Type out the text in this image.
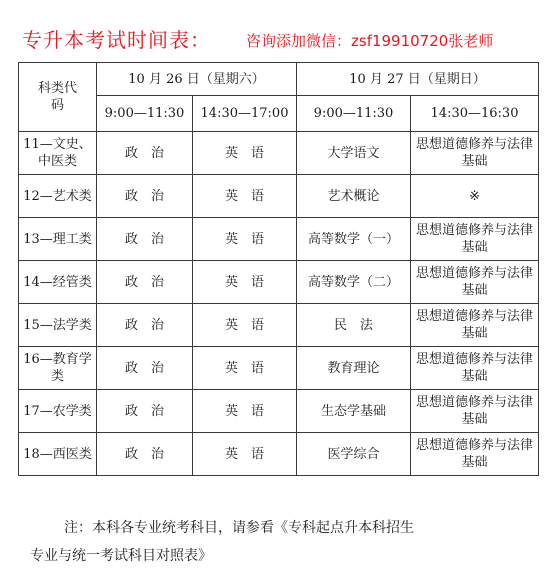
专升本考试时间表： 咨询添加微信：zsf19910720张老师
科类代码	10 月 26 日（星期六）		10 月 27 日（星期日）	
	9:00—11:30	14:30—17:00	9:00—11:30	14:30—16:30
11—文史、中医类	政　治	英　语	大学语文	思想道德修养与法律基础
12—艺术类	政　治	英　语	艺术概论	※
13—理工类	政　治	英　语	高等数学（一）	思想道德修养与法律基础
14—经管类	政　治	英　语	高等数学（二）	思想道德修养与法律基础
15—法学类	政　治	英　语	民　法	思想道德修养与法律基础
16—教育学类	政　治	英　语	教育理论	思想道德修养与法律基础
17—农学类	政　治	英　语	生态学基础	思想道德修养与法律基础
18—西医类	政　治	英　语	医学综合	思想道德修养与法律基础
注：本科各专业统考科目，请参看《专科起点升本科招生
专业与统一考试科目对照表》
